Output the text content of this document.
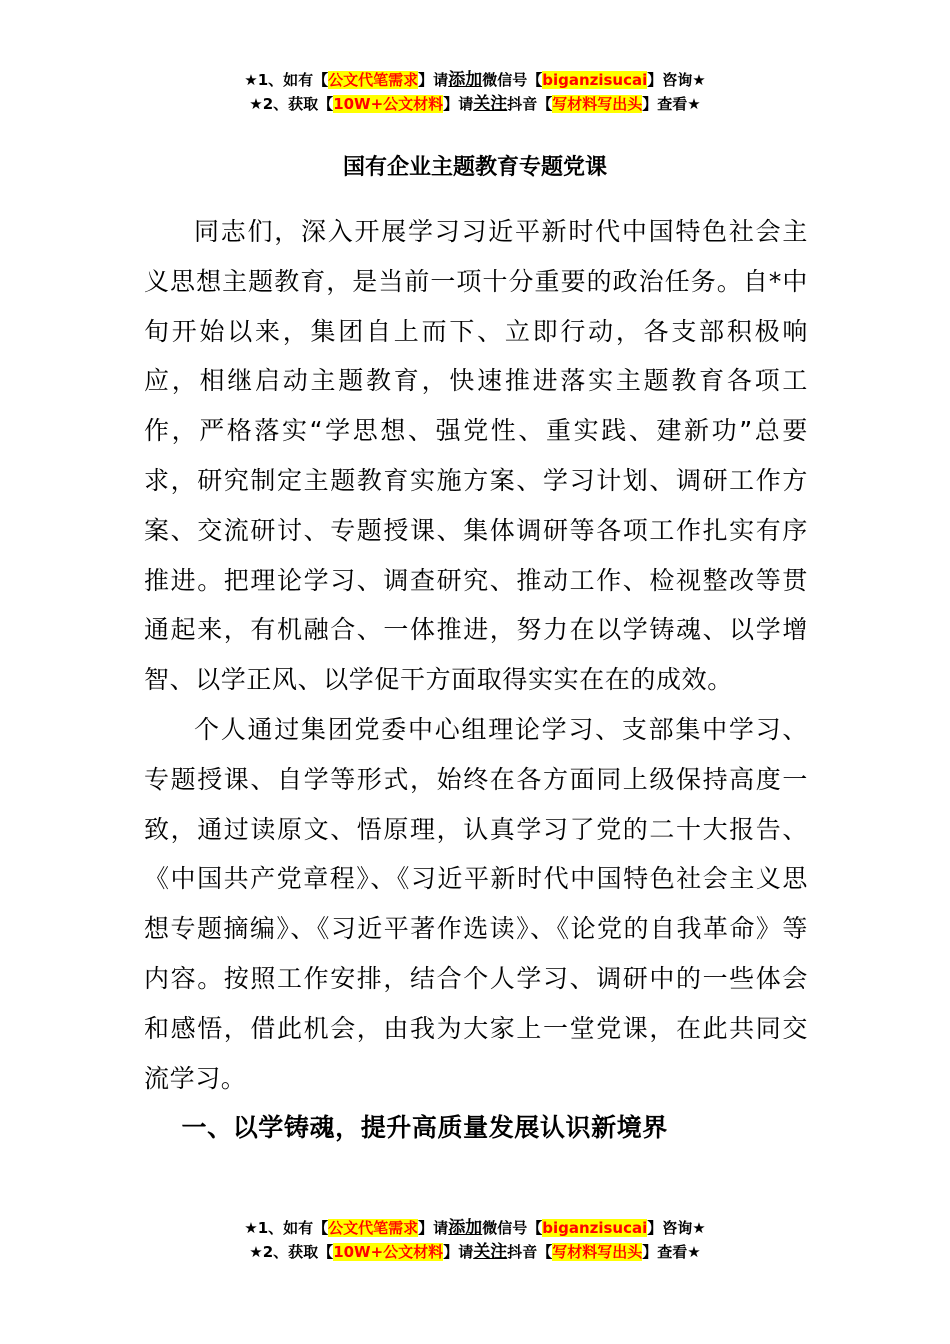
★1、如有【公文代笔需求】请添加微信号【biganzisucai】咨询★
★2、获取【10W+公文材料】请关注抖音【写材料写出头】查看★
国有企业主题教育专题党课

同志们，深入开展学习习近平新时代中国特色社会主义思想主题教育，是当前一项十分重要的政治任务。自*中旬开始以来，集团自上而下、立即行动，各支部积极响应，相继启动主题教育，快速推进落实主题教育各项工作，严格落实“学思想、强党性、重实践、建新功”总要求，研究制定主题教育实施方案、学习计划、调研工作方案、交流研讨、专题授课、集体调研等各项工作扎实有序推进。把理论学习、调查研究、推动工作、检视整改等贯通起来，有机融合、一体推进，努力在以学铸魂、以学增智、以学正风、以学促干方面取得实实在在的成效。

个人通过集团党委中心组理论学习、支部集中学习、专题授课、自学等形式，始终在各方面同上级保持高度一致，通过读原文、悟原理，认真学习了党的二十大报告、《中国共产党章程》、《习近平新时代中国特色社会主义思想专题摘编》、《习近平著作选读》、《论党的自我革命》等内容。按照工作安排，结合个人学习、调研中的一些体会和感悟，借此机会，由我为大家上一堂党课，在此共同交流学习。

一、以学铸魂，提升高质量发展认识新境界
★1、如有【公文代笔需求】请添加微信号【biganzisucai】咨询★
★2、获取【10W+公文材料】请关注抖音【写材料写出头】查看★
